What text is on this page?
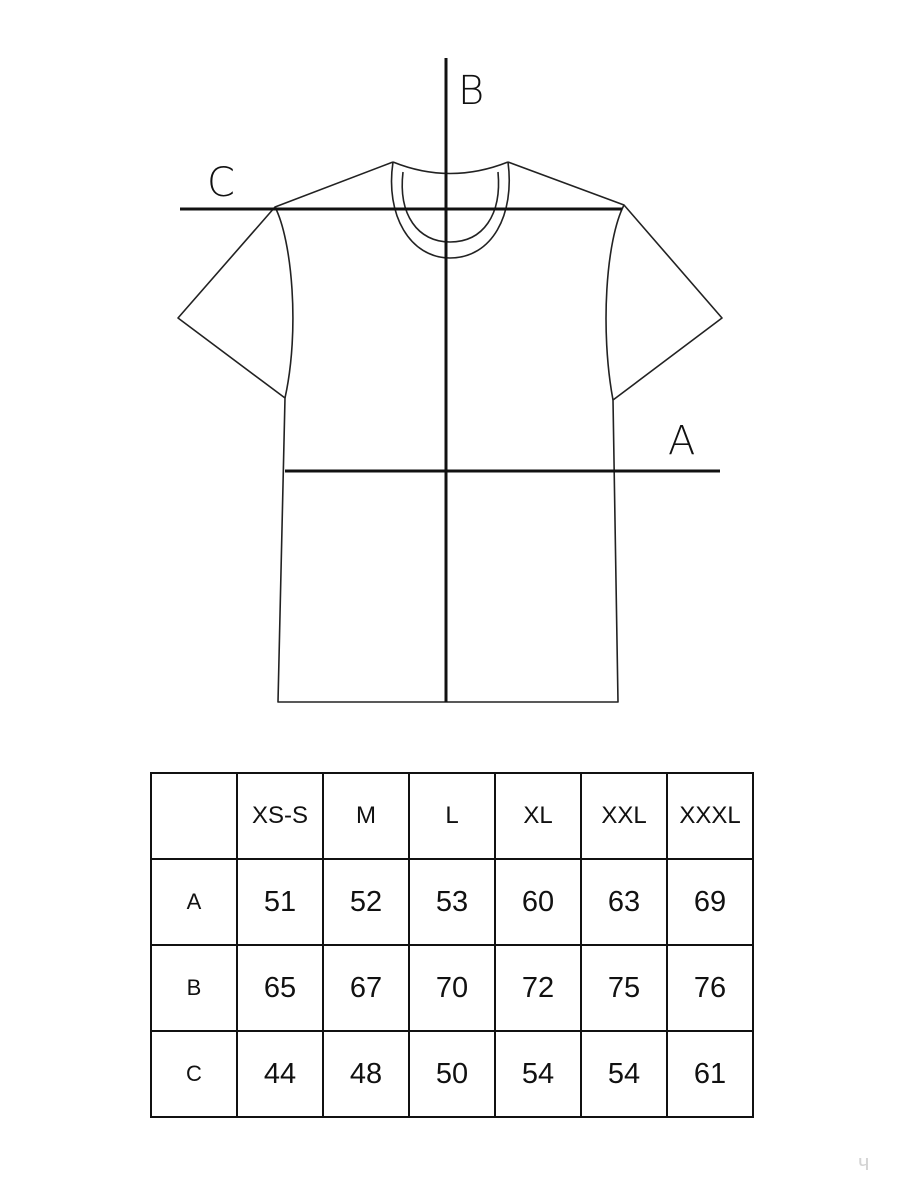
B
C
A
	XS-S	M	L	XL	XXL	XXXL
A	51	52	53	60	63	69
B	65	67	70	72	75	76
C	44	48	50	54	54	61
ч
